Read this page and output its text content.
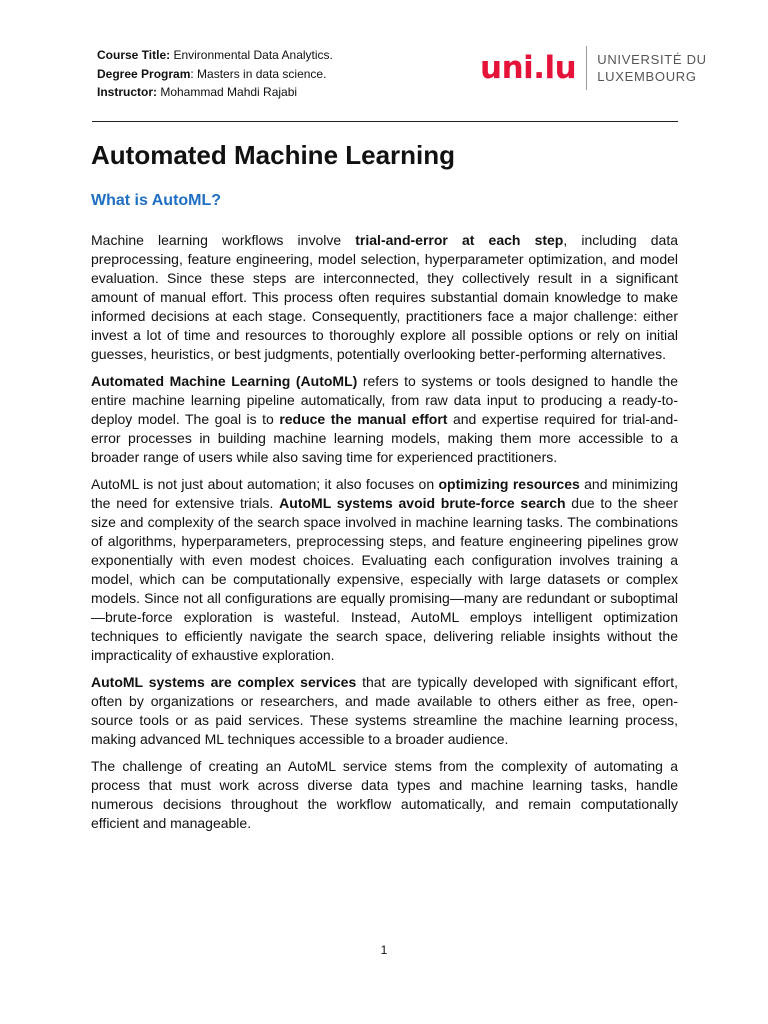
Course Title: Environmental Data Analytics.
Degree Program: Masters in data science.
Instructor: Mohammad Mahdi Rajabi
uni.lu UNIVERSITÉ DU
LUXEMBOURG
Automated Machine Learning
What is AutoML?

Machine learning workflows involve trial-and-error at each step, including data preprocessing, feature engineering, model selection, hyperparameter optimization, and model evaluation. Since these steps are interconnected, they collectively result in a significant amount of manual effort. This process often requires substantial domain knowledge to make informed decisions at each stage. Consequently, practitioners face a major challenge: either invest a lot of time and resources to thoroughly explore all possible options or rely on initial guesses, heuristics, or best judgments, potentially overlooking better-performing alternatives.

Automated Machine Learning (AutoML) refers to systems or tools designed to handle the entire machine learning pipeline automatically, from raw data input to producing a ready-to-deploy model. The goal is to reduce the manual effort and expertise required for trial-and-error processes in building machine learning models, making them more accessible to a broader range of users while also saving time for experienced practitioners.

AutoML is not just about automation; it also focuses on optimizing resources and minimizing the need for extensive trials. AutoML systems avoid brute-force search due to the sheer size and complexity of the search space involved in machine learning tasks. The combinations of algorithms, hyperparameters, preprocessing steps, and feature engineering pipelines grow exponentially with even modest choices. Evaluating each configuration involves training a model, which can be computationally expensive, especially with large datasets or complex models. Since not all configurations are equally promising—many are redundant or suboptimal—brute-force exploration is wasteful. Instead, AutoML employs intelligent optimization techniques to efficiently navigate the search space, delivering reliable insights without the impracticality of exhaustive exploration.

AutoML systems are complex services that are typically developed with significant effort, often by organizations or researchers, and made available to others either as free, open-source tools or as paid services. These systems streamline the machine learning process, making advanced ML techniques accessible to a broader audience.

The challenge of creating an AutoML service stems from the complexity of automating a process that must work across diverse data types and machine learning tasks, handle numerous decisions throughout the workflow automatically, and remain computationally efficient and manageable.

1
